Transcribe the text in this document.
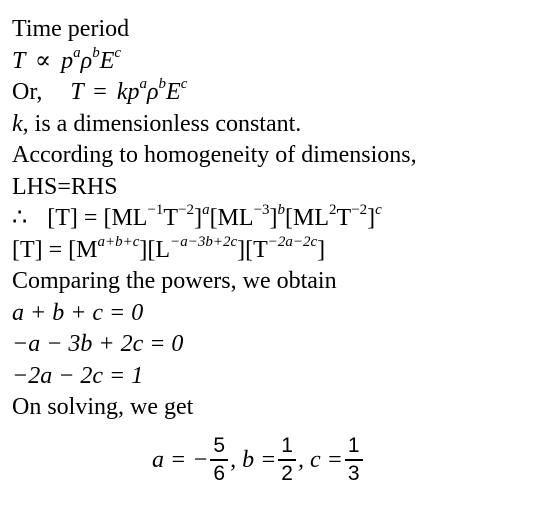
Time period
$T \propto p^a\rho^bE^c$
Or, $T = kp^a\rho^bE^c$
k, is a dimensionless constant.
According to homogeneity of dimensions,
LHS=RHS
∴ $[T] = [ML^{-1}T^{-2}]^a[ML^{-3}]^b[ML^2T^{-2}]^c$
$[T] = [M^{a+b+c}][L^{-a-3b+2c}][T^{-2a-2c}]$
Comparing the powers, we obtain
a + b + c = 0
−a − 3b + 2c = 0
−2a − 2c = 1
On solving, we get
a = − $\frac{5}{6}$ , $b = \frac{1}{2}$ , $c = \frac{1}{3}$
